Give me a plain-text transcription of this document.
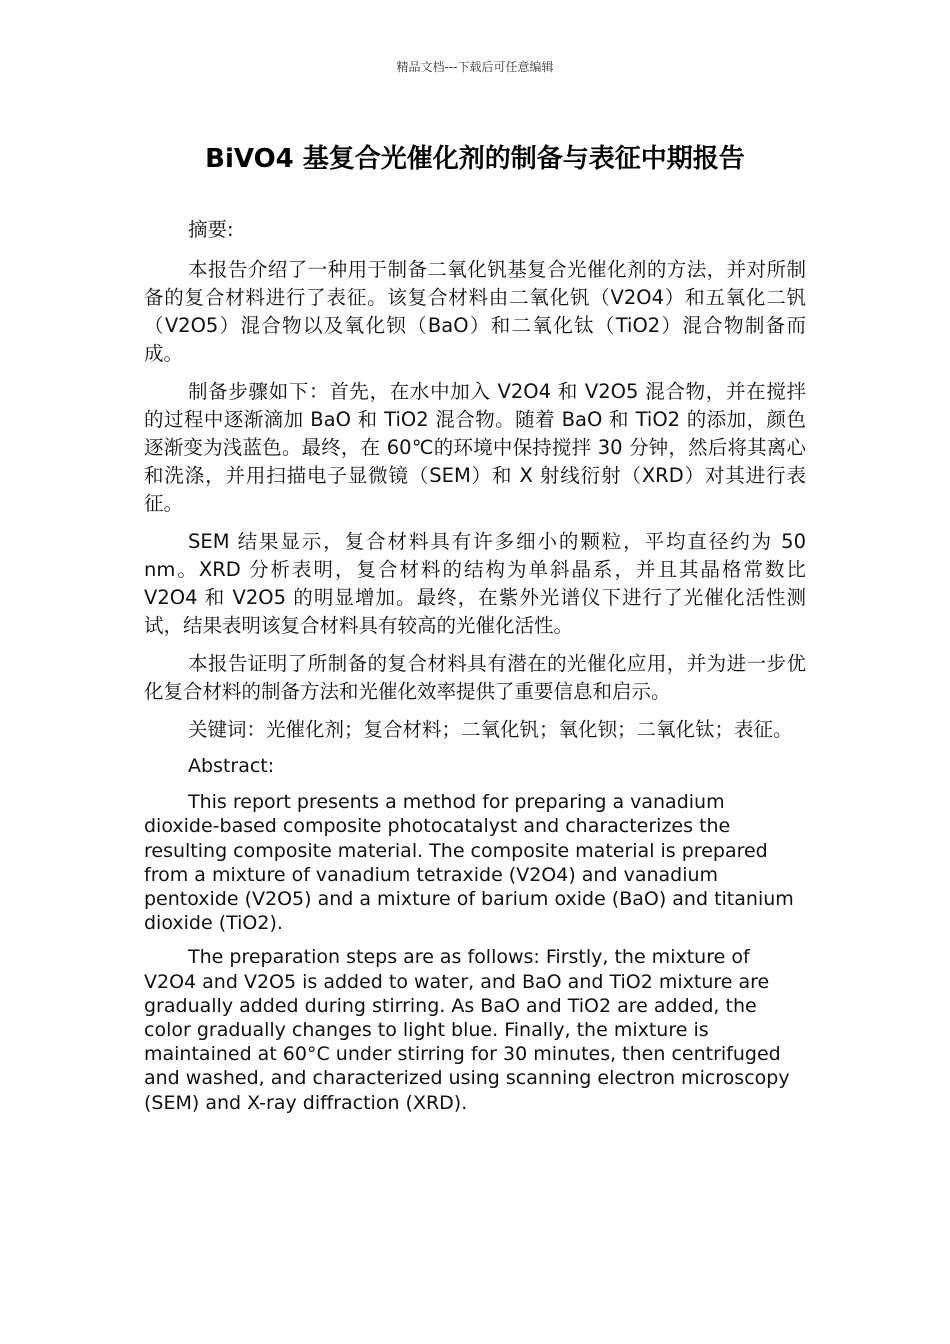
精品文档---下载后可任意编辑
BiVO4 基复合光催化剂的制备与表征中期报告

摘要:

本报告介绍了一种用于制备二氧化钒基复合光催化剂的方法，并对所制备的复合材料进行了表征。该复合材料由二氧化钒（V2O4）和五氧化二钒（V2O5）混合物以及氧化钡（BaO）和二氧化钛（TiO2）混合物制备而成。

制备步骤如下：首先，在水中加入 V2O4 和 V2O5 混合物，并在搅拌的过程中逐渐滴加 BaO 和 TiO2 混合物。随着 BaO 和 TiO2 的添加，颜色逐渐变为浅蓝色。最终，在 60℃的环境中保持搅拌 30 分钟，然后将其离心和洗涤，并用扫描电子显微镜（SEM）和 X 射线衍射（XRD）对其进行表征。

SEM 结果显示，复合材料具有许多细小的颗粒，平均直径约为 50 nm。XRD 分析表明，复合材料的结构为单斜晶系，并且其晶格常数比 V2O4 和 V2O5 的明显增加。最终，在紫外光谱仪下进行了光催化活性测试，结果表明该复合材料具有较高的光催化活性。

本报告证明了所制备的复合材料具有潜在的光催化应用，并为进一步优化复合材料的制备方法和光催化效率提供了重要信息和启示。

关键词：光催化剂；复合材料；二氧化钒；氧化钡；二氧化钛；表征。

Abstract:

This report presents a method for preparing a vanadium dioxide-based composite photocatalyst and characterizes the resulting composite material. The composite material is prepared from a mixture of vanadium tetraxide (V2O4) and vanadium pentoxide (V2O5) and a mixture of barium oxide (BaO) and titanium dioxide (TiO2).

The preparation steps are as follows: Firstly, the mixture of V2O4 and V2O5 is added to water, and BaO and TiO2 mixture are gradually added during stirring. As BaO and TiO2 are added, the color gradually changes to light blue. Finally, the mixture is maintained at 60°C under stirring for 30 minutes, then centrifuged and washed, and characterized using scanning electron microscopy (SEM) and X-ray diffraction (XRD).
